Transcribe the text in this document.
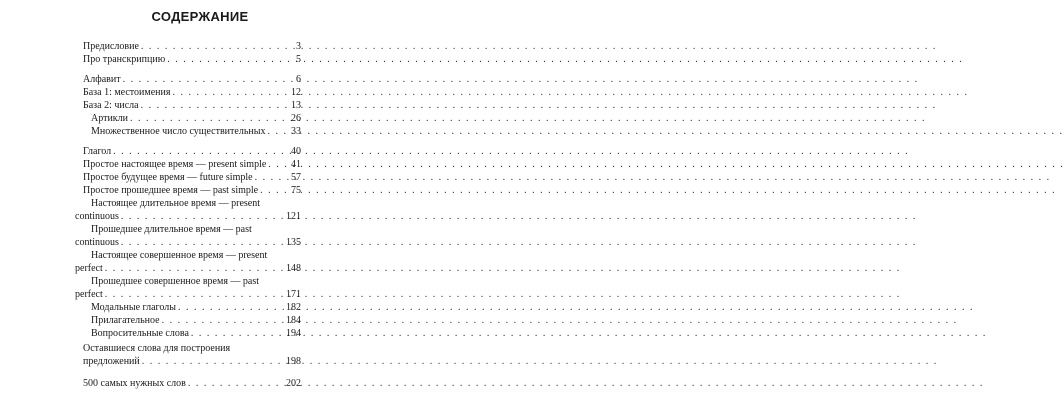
СОДЕРЖАНИЕ
Предисловие . . .	3
Про транскрипцию . . .	5
Алфавит . . .	6
База 1: местоимения . . .	12
База 2: числа . . .	13
Артикли . . .	26
Множественное число существительных . . .	33
Глагол . . .	40
Простое настоящее время — present simple . . . 41
Простое будущее время — future simple . . .	57
Простое прошедшее время — past simple . . .	75
Настоящее длительное время — present
continuous . . .	121
Прошедшее длительное время — past
continuous . . .	135
Настоящее совершенное время — present
perfect . . .	148
Прошедшее совершенное время — past
perfect . . .	171
Модальные глаголы . . .	182
Прилагательное . . .	184
Вопросительные слова . . .	194
Оставшиеся слова для построения
предложений . . .	198
500 самых нужных слов . . .	202
